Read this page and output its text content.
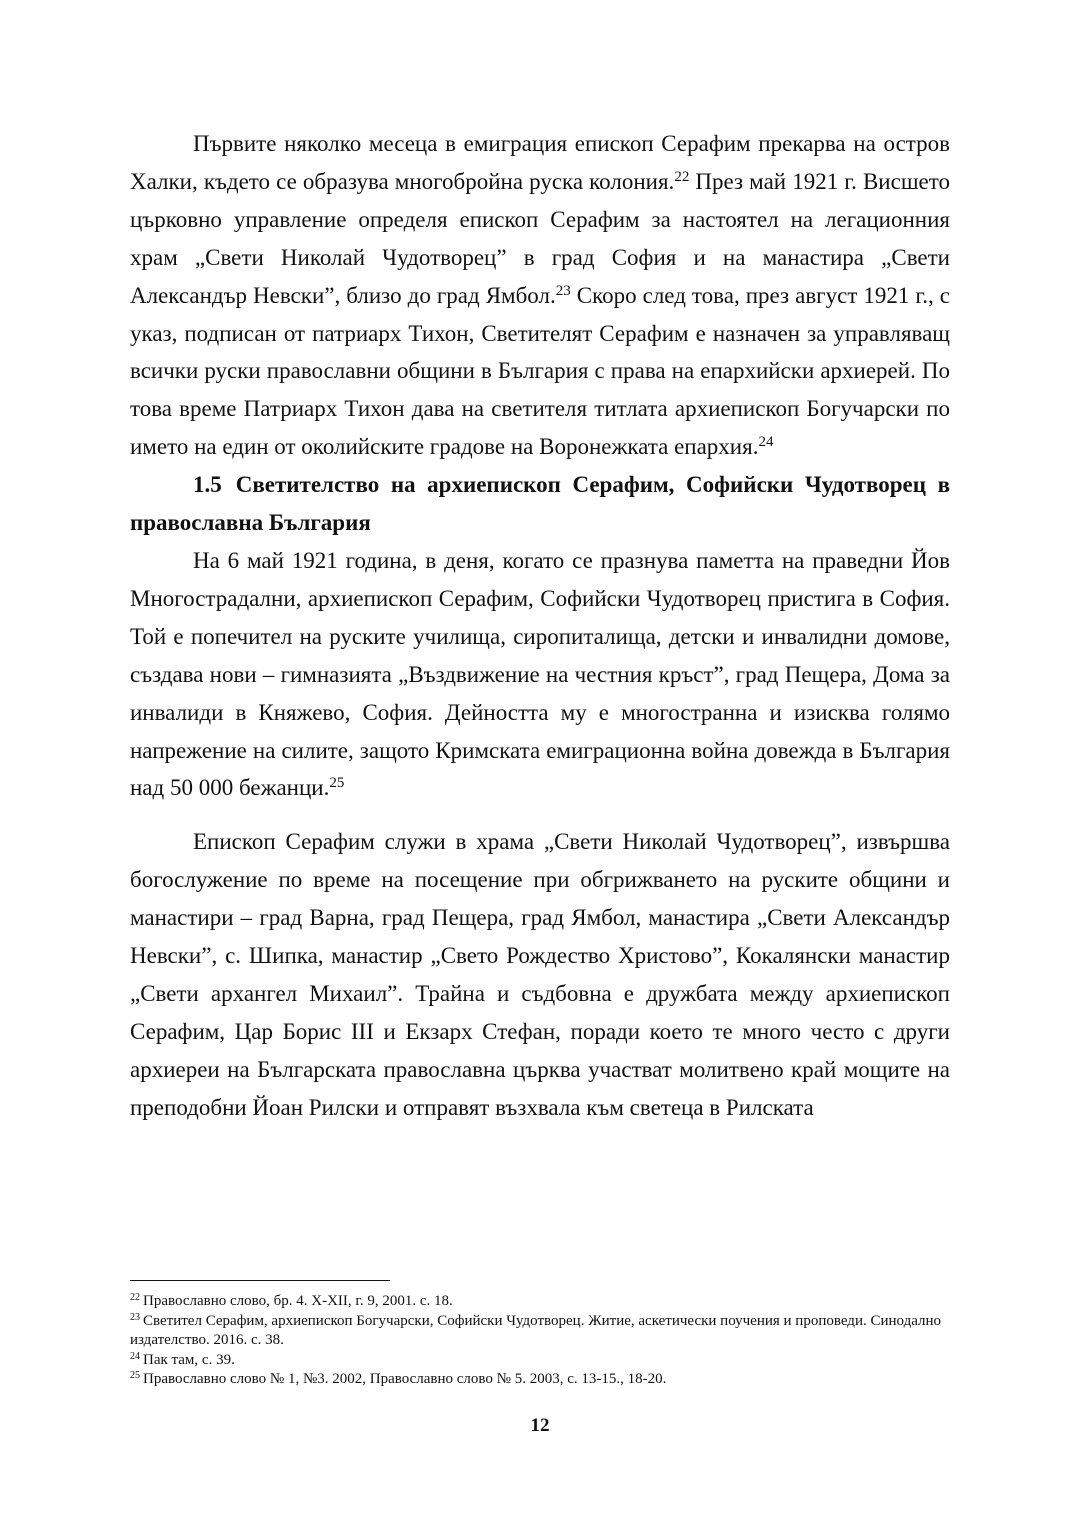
Първите няколко месеца в емиграция епископ Серафим прекарва на остров Халки, където се образува многобройна руска колония.$^{22}$ През май 1921 г. Висшето църковно управление определя епископ Серафим за настоятел на легационния храм „Свети Николай Чудотворец” в град София и на манастира „Свети Александър Невски”, близо до град Ямбол.$^{23}$ Скоро след това, през август 1921 г., с указ, подписан от патриарх Тихон, Светителят Серафим е назначен за управляващ всички руски православни общини в България с права на епархийски архиерей. По това време Патриарх Тихон дава на светителя титлата архиепископ Богучарски по името на един от околийските градове на Воронежката епархия.$^{24}$

1.5 Светителство на архиепископ Серафим, Софийски Чудотворец в православна България

На 6 май 1921 година, в деня, когато се празнува паметта на праведни Йов Многострадални, архиепископ Серафим, Софийски Чудотворец пристига в София. Той е попечител на руските училища, сиропиталища, детски и инвалидни домове, създава нови – гимназията „Въздвижение на честния кръст”, град Пещера, Дома за инвалиди в Княжево, София. Дейността му е многостранна и изисква голямо напрежение на силите, защото Кримската емиграционна война довежда в България над 50 000 бежанци.$^{25}$

Епископ Серафим служи в храма „Свети Николай Чудотворец”, извършва богослужение по време на посещение при обгрижването на руските общини и манастири – град Варна, град Пещера, град Ямбол, манастира „Свети Александър Невски”, с. Шипка, манастир „Свето Рождество Христово”, Кокалянски манастир „Свети архангел Михаил”. Трайна и съдбовна е дружбата между архиепископ Серафим, Цар Борис III и Екзарх Стефан, поради което те много често с други архиереи на Българската православна църква участват молитвено край мощите на преподобни Йоан Рилски и отправят възхвала към светеца в Рилската

$^{22}$ Православно слово, бр. 4. X-XII, г. 9, 2001. с. 18.

$^{23}$ Светител Серафим, архиепископ Богучарски, Софийски Чудотворец. Житие, аскетически поучения и проповеди. Синодално издателство. 2016. с. 38.

$^{24}$ Пак там, с. 39.

$^{25}$ Православно слово № 1, №3. 2002, Православно слово № 5. 2003, с. 13-15., 18-20.

12
